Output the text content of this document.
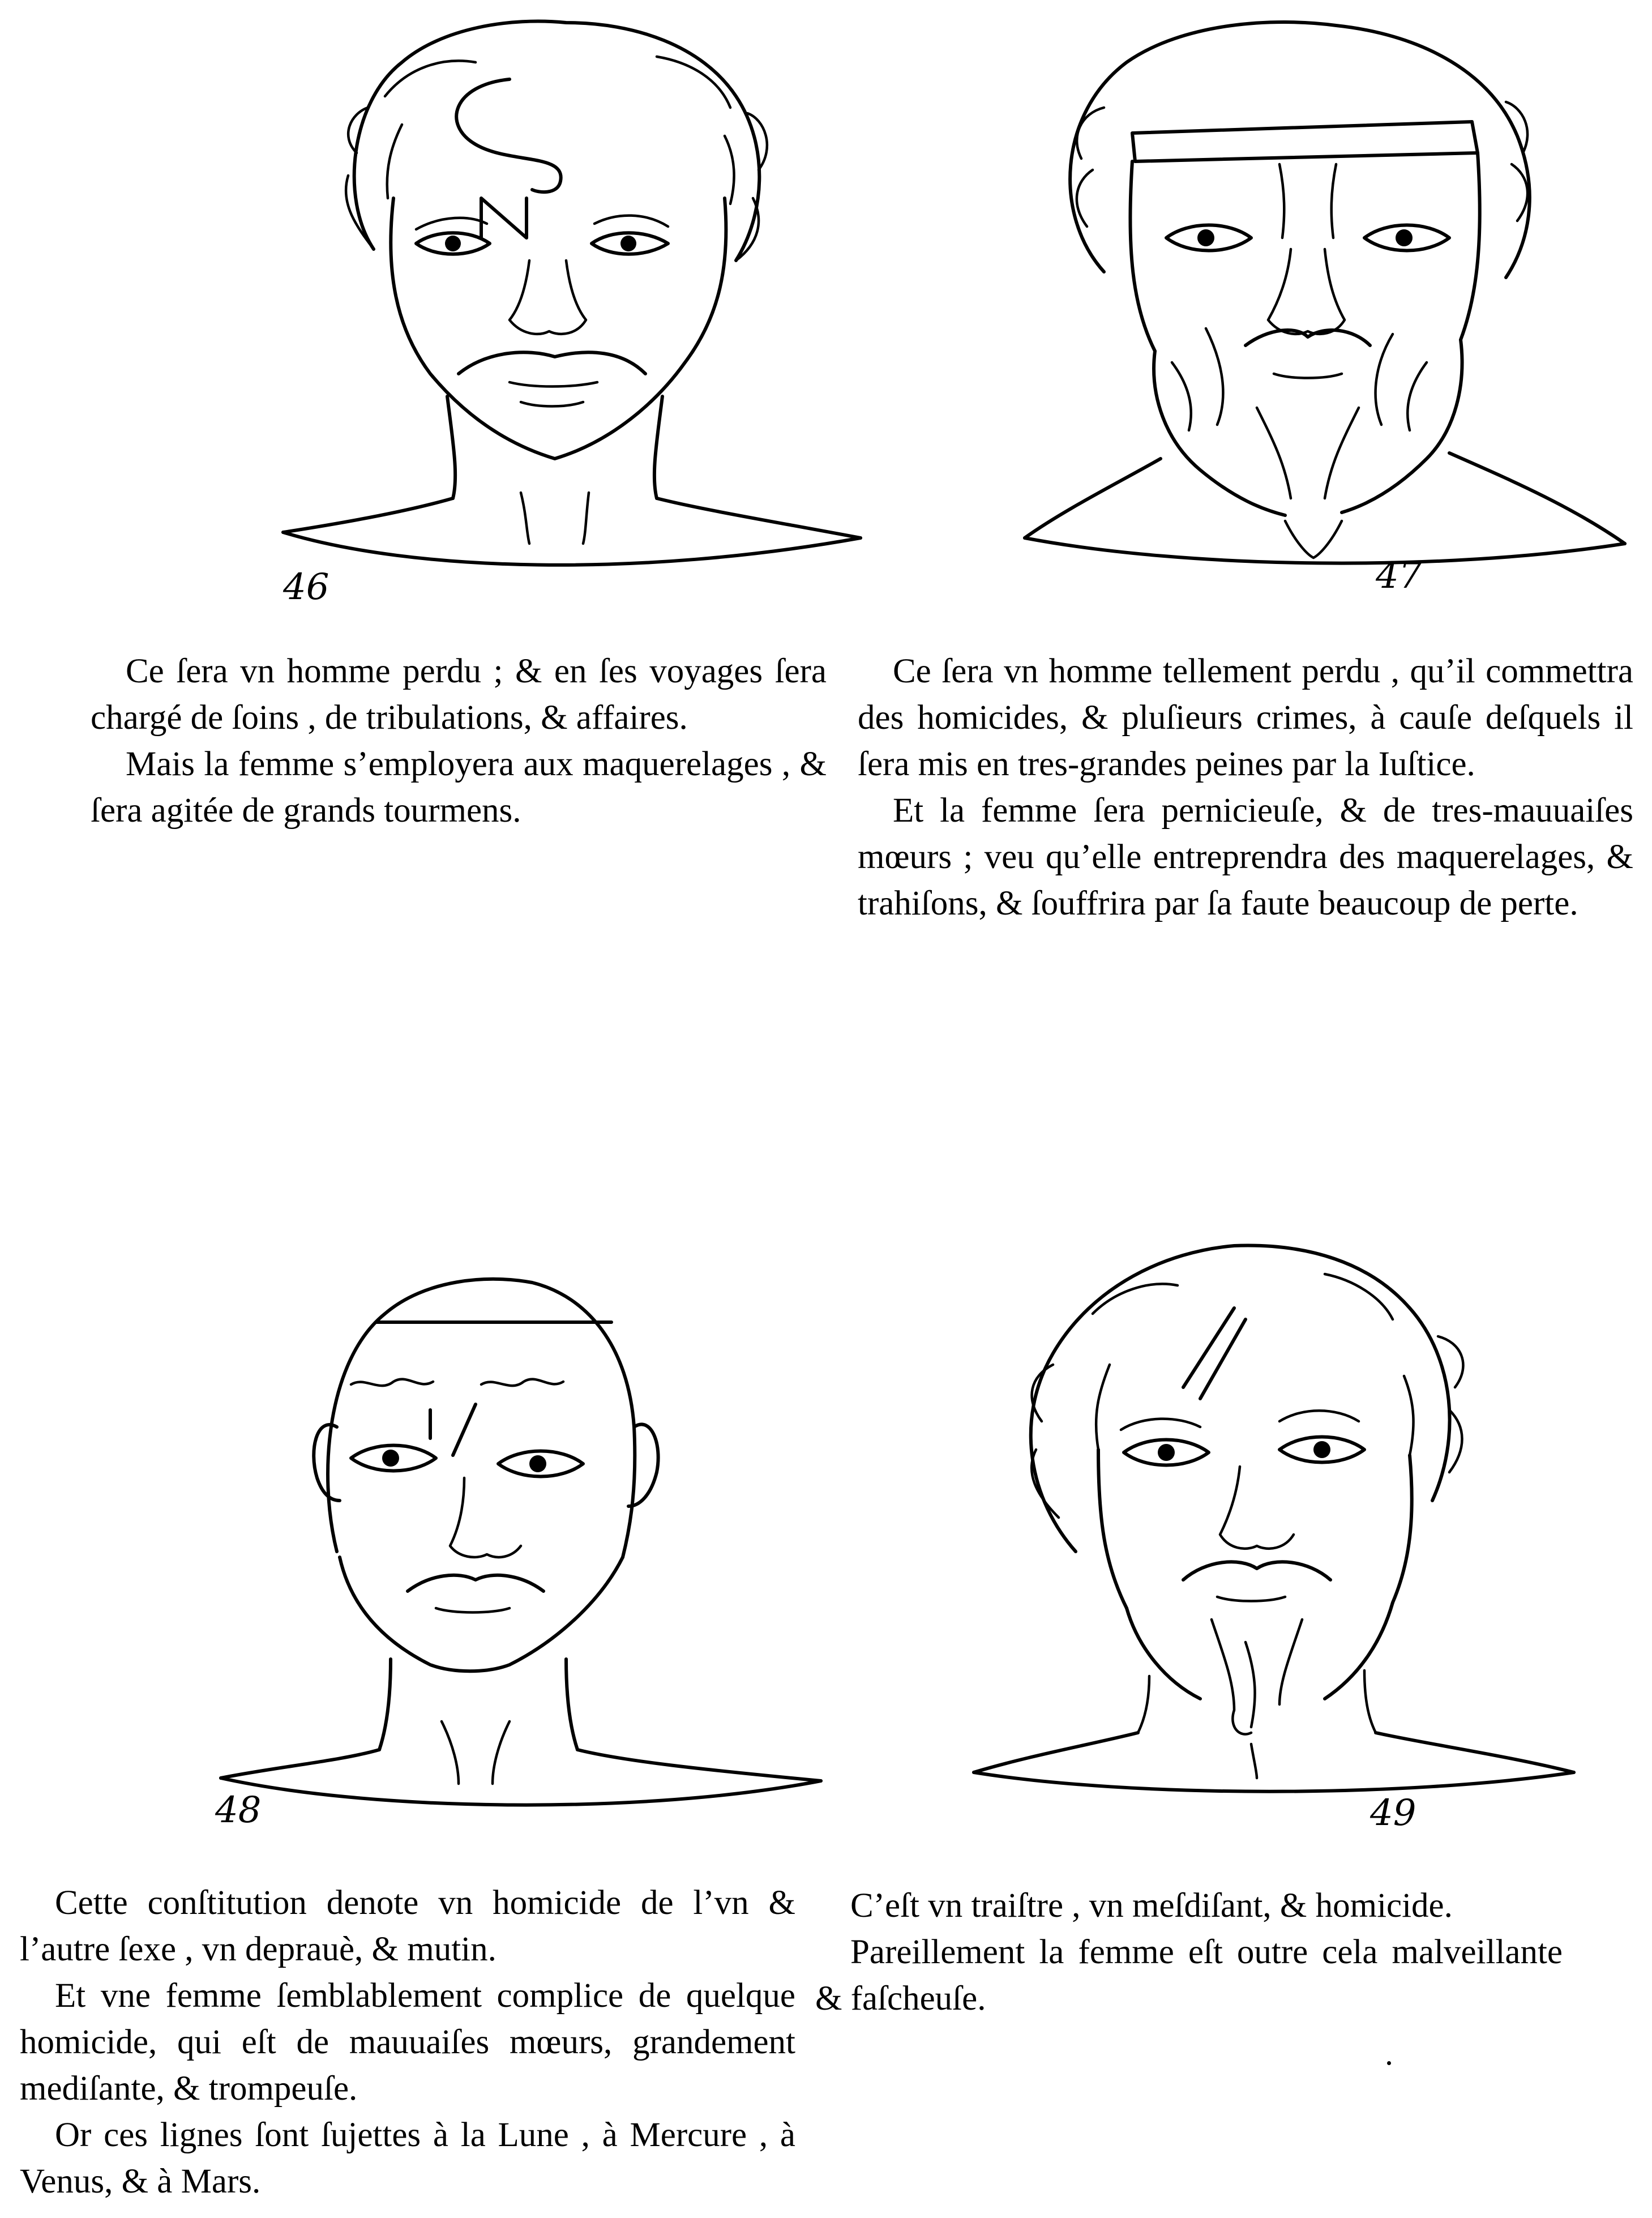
46	47

Ce ſera vn homme perdu ; & en ſes voyages ſera chargé de ſoins , de tribulations, & affaires.

Mais la femme s’employera aux maquerelages , & ſera agitée de grands tourmens.

Ce ſera vn homme tellement perdu , qu’il commettra des homicides, & pluſieurs crimes, à cauſe deſquels il ſera mis en tres-grandes peines par la Iuſtice.

Et la femme ſera pernicieuſe, & de tres-mauuaiſes mœurs ; veu qu’elle entreprendra des maquerelages, & trahiſons, & ſouffrira par ſa faute beaucoup de perte.

48	49

Cette conſtitution denote vn homicide de l’vn & l’autre ſexe , vn deprauè, & mutin.

Et vne femme ſemblablement complice de quelque homicide, qui eſt de mauuaiſes mœurs, grandement mediſante, & trompeuſe.

Or ces lignes ſont ſujettes à la Lune , à Mercure , à Venus, & à Mars.

C’eſt vn traiſtre , vn meſdiſant, & homicide.

Pareillement la femme eſt outre cela malveillante & faſcheuſe.
